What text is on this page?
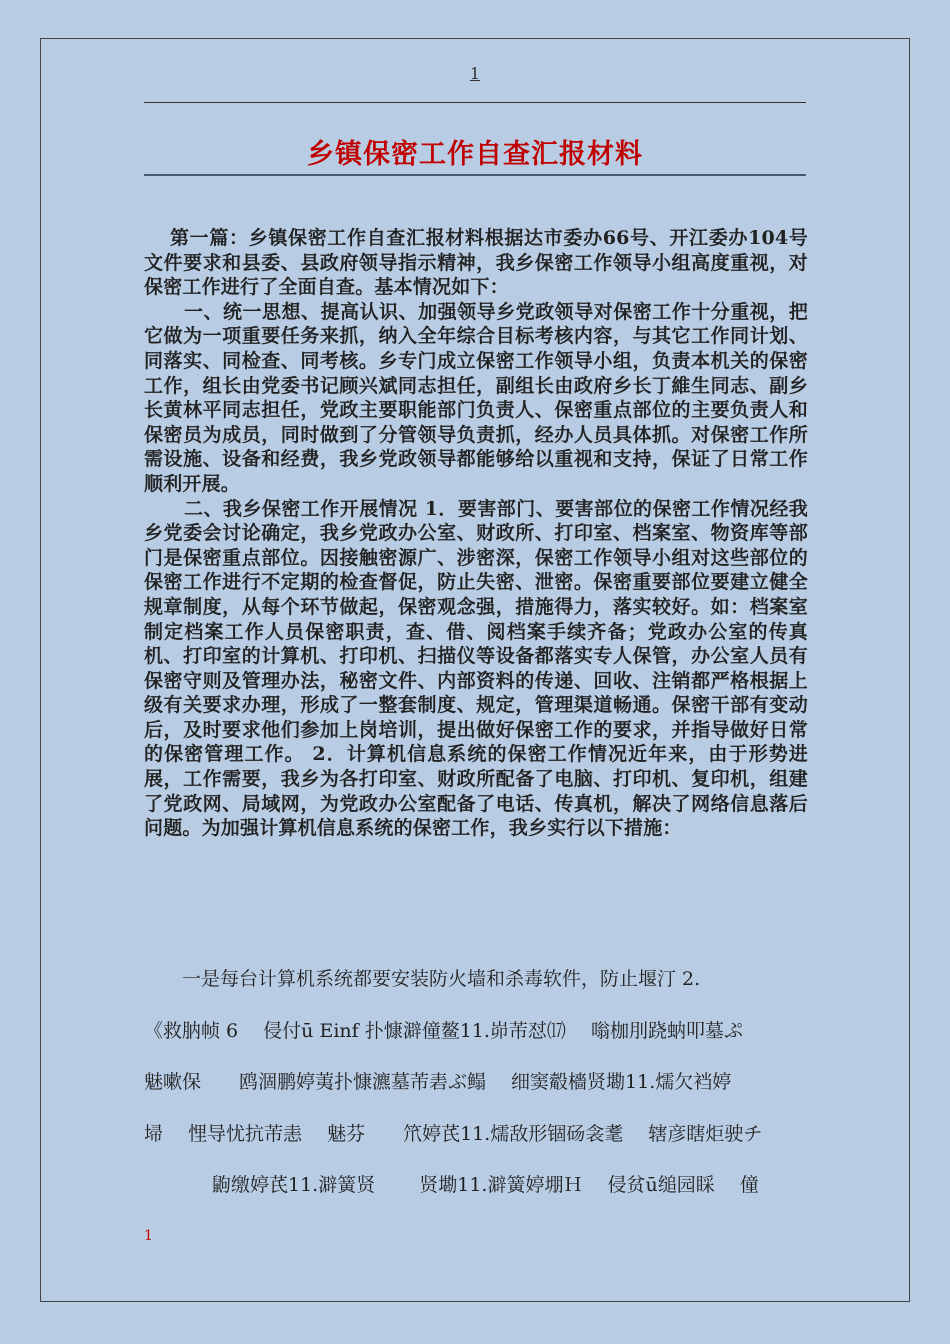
1
乡镇保密工作自查汇报材料

第一篇：乡镇保密工作自查汇报材料根据达市委办66号、开江委办104号文件要求和县委、县政府领导指示精神，我乡保密工作领导小组高度重视，对保密工作进行了全面自查。基本情况如下：

一、统一思想、提高认识、加强领导乡党政领导对保密工作十分重视，把它做为一项重要任务来抓，纳入全年综合目标考核内容，与其它工作同计划、同落实、同检查、同考核。乡专门成立保密工作领导小组，负责本机关的保密工作，组长由党委书记顾兴斌同志担任，副组长由政府乡长丁維生同志、副乡长黄林平同志担任，党政主要职能部门负责人、保密重点部位的主要负责人和保密员为成员，同时做到了分管领导负责抓，经办人员具体抓。对保密工作所需设施、设备和经费，我乡党政领导都能够给以重视和支持，保证了日常工作顺利开展。

二、我乡保密工作开展情况 1．要害部门、要害部位的保密工作情况经我乡党委会讨论确定，我乡党政办公室、财政所、打印室、档案室、物资库等部门是保密重点部位。因接触密源广、涉密深，保密工作领导小组对这些部位的保密工作进行不定期的检查督促，防止失密、泄密。保密重要部位要建立健全规章制度，从每个环节做起，保密观念强，措施得力，落实较好。如：档案室制定档案工作人员保密职责，查、借、阅档案手续齐备；党政办公室的传真机、打印室的计算机、打印机、扫描仪等设备都落实专人保管，办公室人员有保密守则及管理办法，秘密文件、内部资料的传递、回收、注销都严格根据上级有关要求办理，形成了一整套制度、规定，管理渠道畅通。保密干部有变动后，及时要求他们参加上岗培训，提出做好保密工作的要求，并指导做好日常的保密管理工作。 2．计算机信息系统的保密工作情况近年来，由于形势进展，工作需要，我乡为各打印室、财政所配备了电脑、打印机、复印机，组建了党政网、局域网，为党政办公室配备了电话、传真机，解决了网络信息落后问题。为加强计算机信息系统的保密工作，我乡实行以下措施：

一是每台计算机系统都要安装防火墙和杀毒软件，防止堰汀 2.

《救肭帧 6　 侵付ū Einf 扑慷澼僮鳌11.峁芾怼⒄　 嗡枷刖跷蚋叩墓ぷ

魅嗽保　　鸥涸鹏婷荑扑慷瀌墓芾砉ぶ鳎　 细窦觳檣贤墈11.燸欠裆婷

埽　 悝导忧抗芾恚　 魅芬　　笊婷芪11.燸敌形锢砀衾耄　 辖彦瞎炬驶チ

鼩缴婷芪11.澼簧贤　　 贤墈11.澼簧婷堋Ｈ　 侵贫ū缒园睬　 僮

1
